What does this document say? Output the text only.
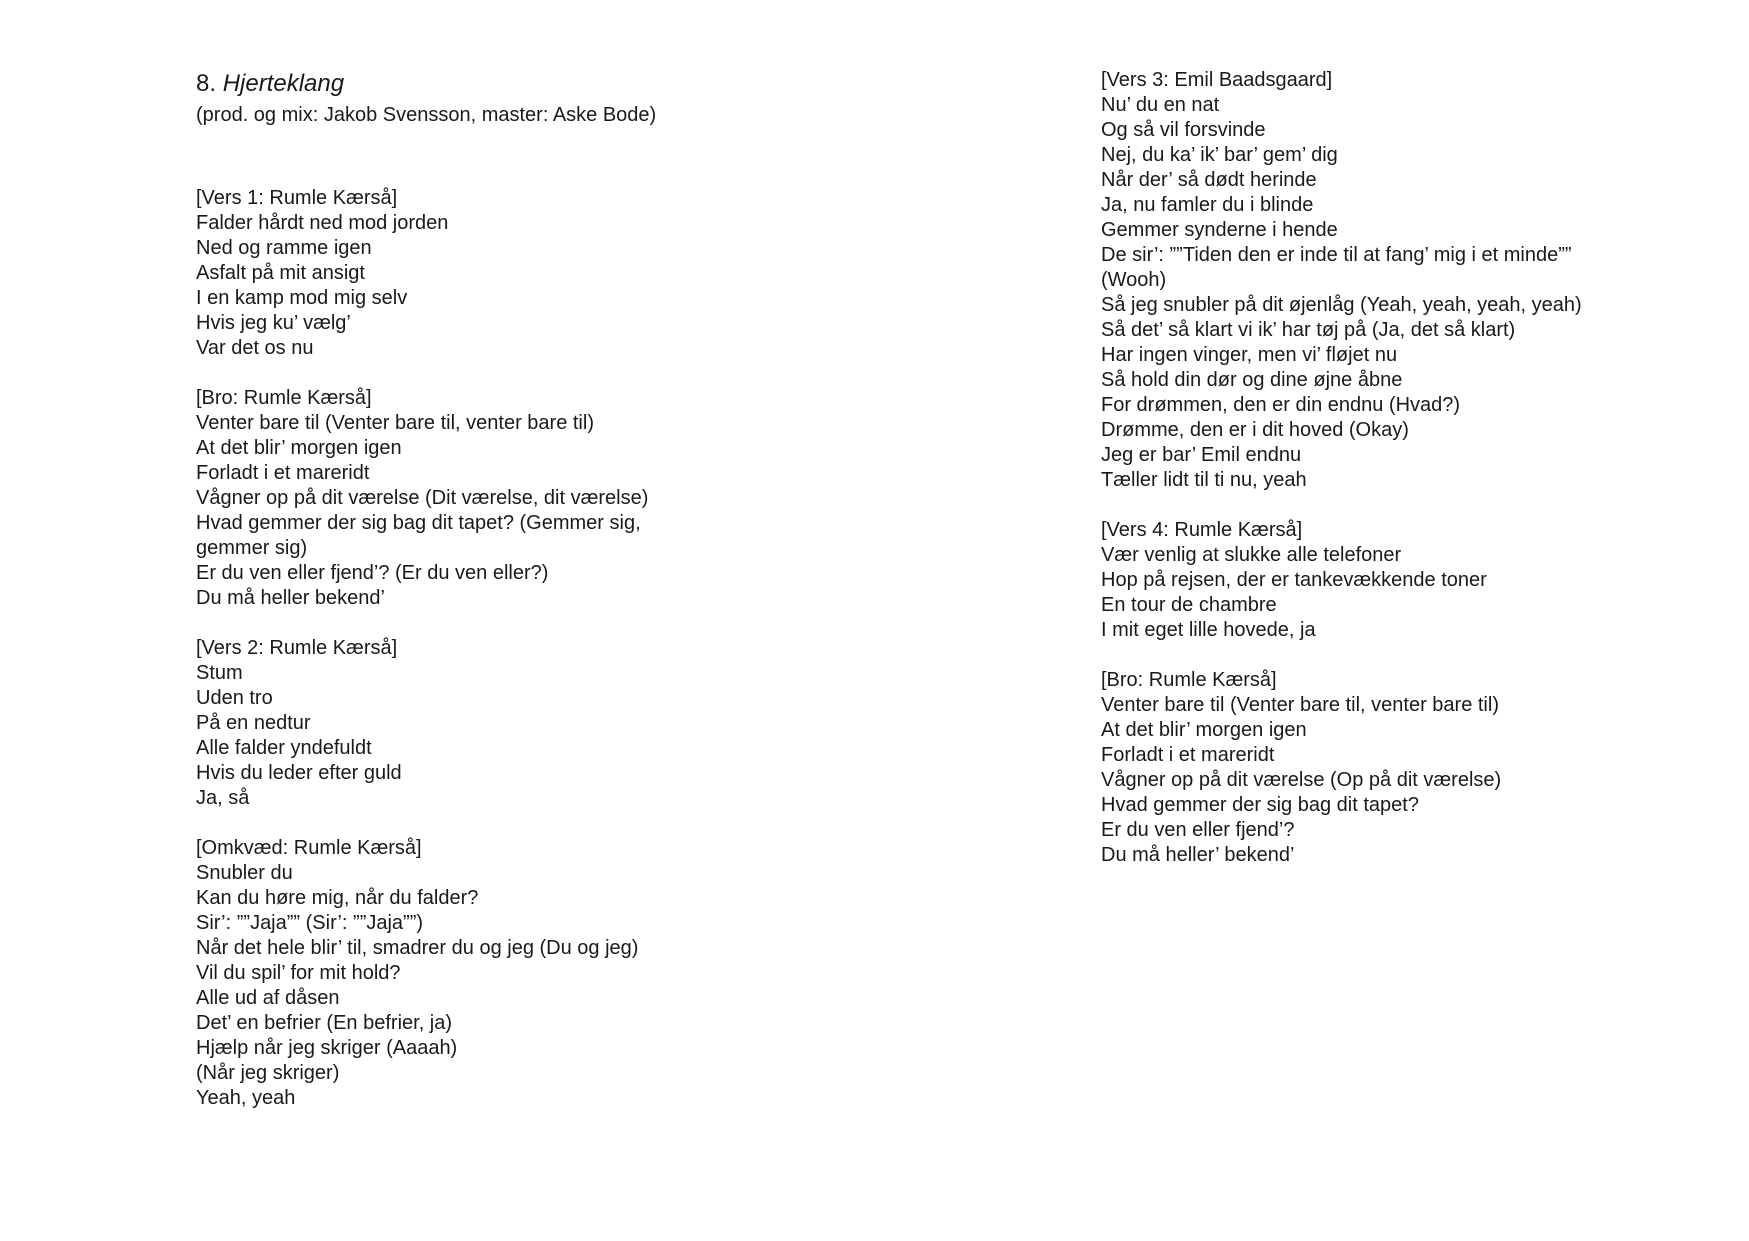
8. Hjerteklang
(prod. og mix: Jakob Svensson, master: Aske Bode)
[Vers 1: Rumle Kærså]
Falder hårdt ned mod jorden
Ned og ramme igen
Asfalt på mit ansigt
I en kamp mod mig selv
Hvis jeg ku’ vælg’
Var det os nu
[Bro: Rumle Kærså]
Venter bare til (Venter bare til, venter bare til)
At det blir’ morgen igen
Forladt i et mareridt
Vågner op på dit værelse (Dit værelse, dit værelse)
Hvad gemmer der sig bag dit tapet? (Gemmer sig, gemmer sig)
Er du ven eller fjend’? (Er du ven eller?)
Du må heller bekend’
[Vers 2: Rumle Kærså]
Stum
Uden tro
På en nedtur
Alle falder yndefuldt
Hvis du leder efter guld
Ja, så
[Omkvæd: Rumle Kærså]
Snubler du
Kan du høre mig, når du falder?
Sir’: ””Jaja”” (Sir’: ””Jaja””)
Når det hele blir’ til, smadrer du og jeg (Du og jeg)
Vil du spil’ for mit hold?
Alle ud af dåsen
Det’ en befrier (En befrier, ja)
Hjælp når jeg skriger (Aaaah)
(Når jeg skriger)
Yeah, yeah
[Vers 3: Emil Baadsgaard]
Nu’ du en nat
Og så vil forsvinde
Nej, du ka’ ik’ bar’ gem’ dig
Når der’ så dødt herinde
Ja, nu famler du i blinde
Gemmer synderne i hende
De sir’: ””Tiden den er inde til at fang’ mig i et minde””
(Wooh)
Så jeg snubler på dit øjenlåg (Yeah, yeah, yeah, yeah)
Så det’ så klart vi ik’ har tøj på (Ja, det så klart)
Har ingen vinger, men vi’ fløjet nu
Så hold din dør og dine øjne åbne
For drømmen, den er din endnu (Hvad?)
Drømme, den er i dit hoved (Okay)
Jeg er bar’ Emil endnu
Tæller lidt til ti nu, yeah
[Vers 4: Rumle Kærså]
Vær venlig at slukke alle telefoner
Hop på rejsen, der er tankevækkende toner
En tour de chambre
I mit eget lille hovede, ja
[Bro: Rumle Kærså]
Venter bare til (Venter bare til, venter bare til)
At det blir’ morgen igen
Forladt i et mareridt
Vågner op på dit værelse (Op på dit værelse)
Hvad gemmer der sig bag dit tapet?
Er du ven eller fjend’?
Du må heller’ bekend’
